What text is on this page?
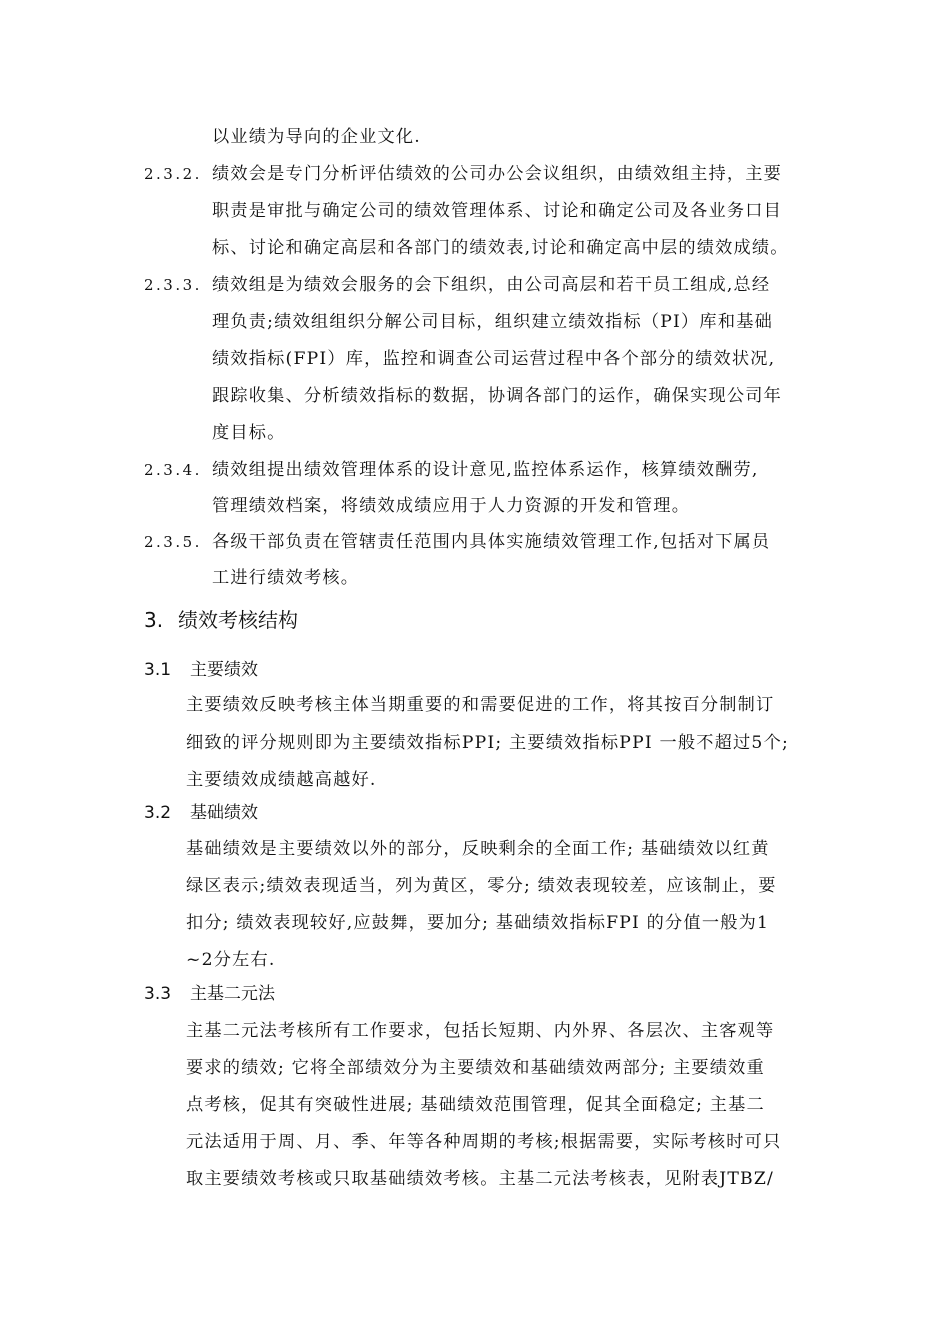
以业绩为导向的企业文化.

2.3.2. 绩效会是专门分析评估绩效的公司办公会议组织，由绩效组主持，主要

职责是审批与确定公司的绩效管理体系、讨论和确定公司及各业务口目

标、讨论和确定高层和各部门的绩效表,讨论和确定高中层的绩效成绩。

2.3.3. 绩效组是为绩效会服务的会下组织，由公司高层和若干员工组成,总经

理负责;绩效组组织分解公司目标，组织建立绩效指标（PI）库和基础

绩效指标(FPI）库，监控和调查公司运营过程中各个部分的绩效状况,

跟踪收集、分析绩效指标的数据，协调各部门的运作，确保实现公司年

度目标。

2.3.4. 绩效组提出绩效管理体系的设计意见,监控体系运作，核算绩效酬劳,

管理绩效档案，将绩效成绩应用于人力资源的开发和管理。

2.3.5. 各级干部负责在管辖责任范围内具体实施绩效管理工作,包括对下属员

工进行绩效考核。

3. 绩效考核结构
3.1 主要绩效

主要绩效反映考核主体当期重要的和需要促进的工作，将其按百分制制订

细致的评分规则即为主要绩效指标PPI; 主要绩效指标PPI 一般不超过5个;

主要绩效成绩越高越好.

3.2 基础绩效

基础绩效是主要绩效以外的部分，反映剩余的全面工作; 基础绩效以红黄

绿区表示;绩效表现适当，列为黄区，零分; 绩效表现较差，应该制止，要

扣分; 绩效表现较好,应鼓舞，要加分; 基础绩效指标FPI 的分值一般为1

~2分左右.

3.3 主基二元法

主基二元法考核所有工作要求，包括长短期、内外界、各层次、主客观等

要求的绩效; 它将全部绩效分为主要绩效和基础绩效两部分; 主要绩效重

点考核，促其有突破性进展; 基础绩效范围管理，促其全面稳定; 主基二

元法适用于周、月、季、年等各种周期的考核;根据需要，实际考核时可只

取主要绩效考核或只取基础绩效考核。主基二元法考核表，见附表JTBZ/
